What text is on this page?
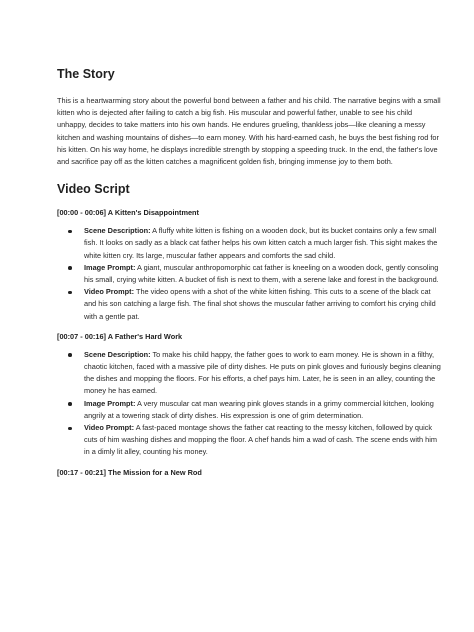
The Story

This is a heartwarming story about the powerful bond between a father and his child. The narrative begins with a small kitten who is dejected after failing to catch a big fish. His muscular and powerful father, unable to see his child unhappy, decides to take matters into his own hands. He endures grueling, thankless jobs—like cleaning a messy kitchen and washing mountains of dishes—to earn money. With his hard-earned cash, he buys the best fishing rod for his kitten. On his way home, he displays incredible strength by stopping a speeding truck. In the end, the father's love and sacrifice pay off as the kitten catches a magnificent golden fish, bringing immense joy to them both.

Video Script
[00:00 - 00:06] A Kitten's Disappointment
Scene Description: A fluffy white kitten is fishing on a wooden dock, but its bucket contains only a few small fish. It looks on sadly as a black cat father helps his own kitten catch a much larger fish. This sight makes the white kitten cry. Its large, muscular father appears and comforts the sad child.
Image Prompt: A giant, muscular anthropomorphic cat father is kneeling on a wooden dock, gently consoling his small, crying white kitten. A bucket of fish is next to them, with a serene lake and forest in the background.
Video Prompt: The video opens with a shot of the white kitten fishing. This cuts to a scene of the black cat and his son catching a large fish. The final shot shows the muscular father arriving to comfort his crying child with a gentle pat.
[00:07 - 00:16] A Father's Hard Work
Scene Description: To make his child happy, the father goes to work to earn money. He is shown in a filthy, chaotic kitchen, faced with a massive pile of dirty dishes. He puts on pink gloves and furiously begins cleaning the dishes and mopping the floors. For his efforts, a chef pays him. Later, he is seen in an alley, counting the money he has earned.
Image Prompt: A very muscular cat man wearing pink gloves stands in a grimy commercial kitchen, looking angrily at a towering stack of dirty dishes. His expression is one of grim determination.
Video Prompt: A fast-paced montage shows the father cat reacting to the messy kitchen, followed by quick cuts of him washing dishes and mopping the floor. A chef hands him a wad of cash. The scene ends with him in a dimly lit alley, counting his money.
[00:17 - 00:21] The Mission for a New Rod
